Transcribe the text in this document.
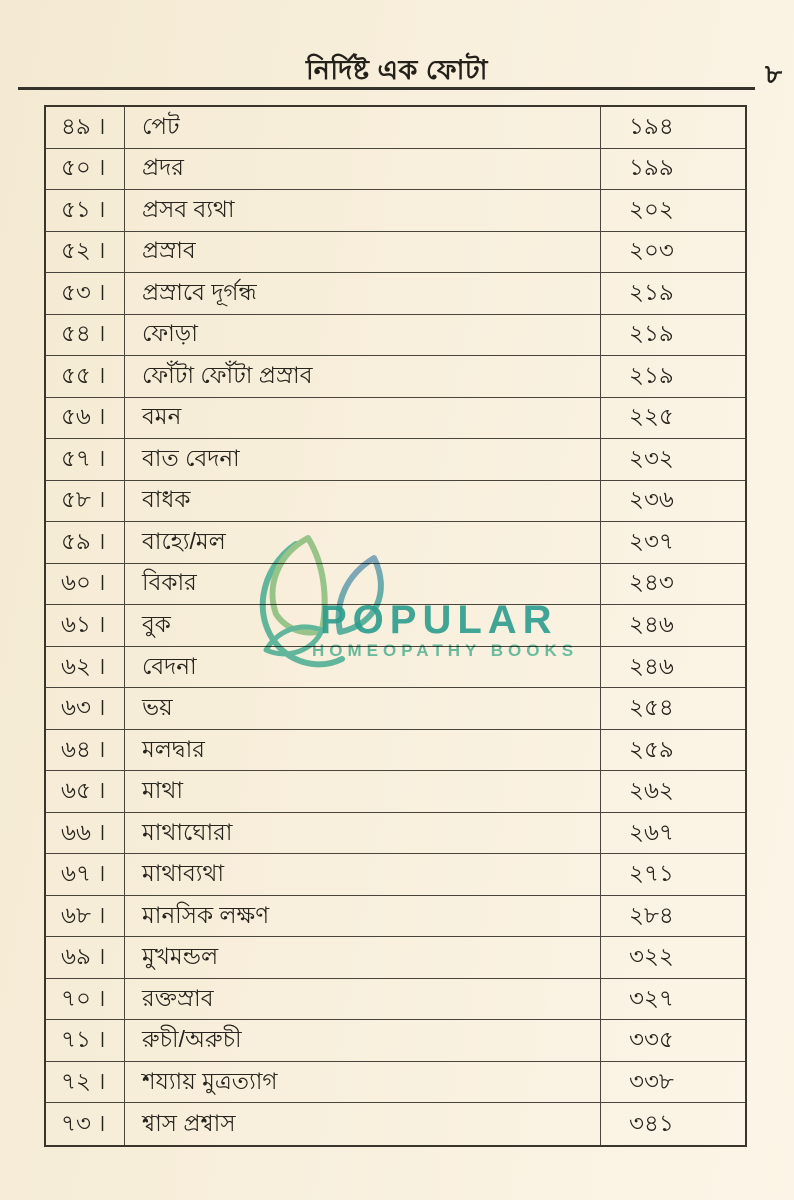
নির্দিষ্ট এক ফোটা	৮
৪৯ ।	পেট	১৯৪
৫০ ।	প্রদর	১৯৯
৫১ ।	প্রসব ব্যথা	২০২
৫২ ।	প্রস্রাব	২০৩
৫৩ ।	প্রস্রাবে দূর্গন্ধ	২১৯
৫৪ ।	ফোড়া	২১৯
৫৫ ।	ফোঁটা ফোঁটা প্রস্রাব	২১৯
৫৬ ।	বমন	২২৫
৫৭ ।	বাত বেদনা	২৩২
৫৮ ।	বাধক	২৩৬
৫৯ ।	বাহ্যে/মল	২৩৭
৬০ ।	বিকার	২৪৩
৬১ ।	বুক	২৪৬
৬২ ।	বেদনা	২৪৬
৬৩ ।	ভয়	২৫৪
৬৪ ।	মলদ্বার	২৫৯
৬৫ ।	মাথা	২৬২
৬৬ ।	মাথাঘোরা	২৬৭
৬৭ ।	মাথাব্যথা	২৭১
৬৮ ।	মানসিক লক্ষণ	২৮৪
৬৯ ।	মুখমন্ডল	৩২২
৭০ ।	রক্তস্রাব	৩২৭
৭১ ।	রুচী/অরুচী	৩৩৫
৭২ ।	শয্যায় মুত্রত্যাগ	৩৩৮
৭৩ ।	শ্বাস প্রশ্বাস	৩৪১
POPULAR
HOMEOPATHY BOOKS
